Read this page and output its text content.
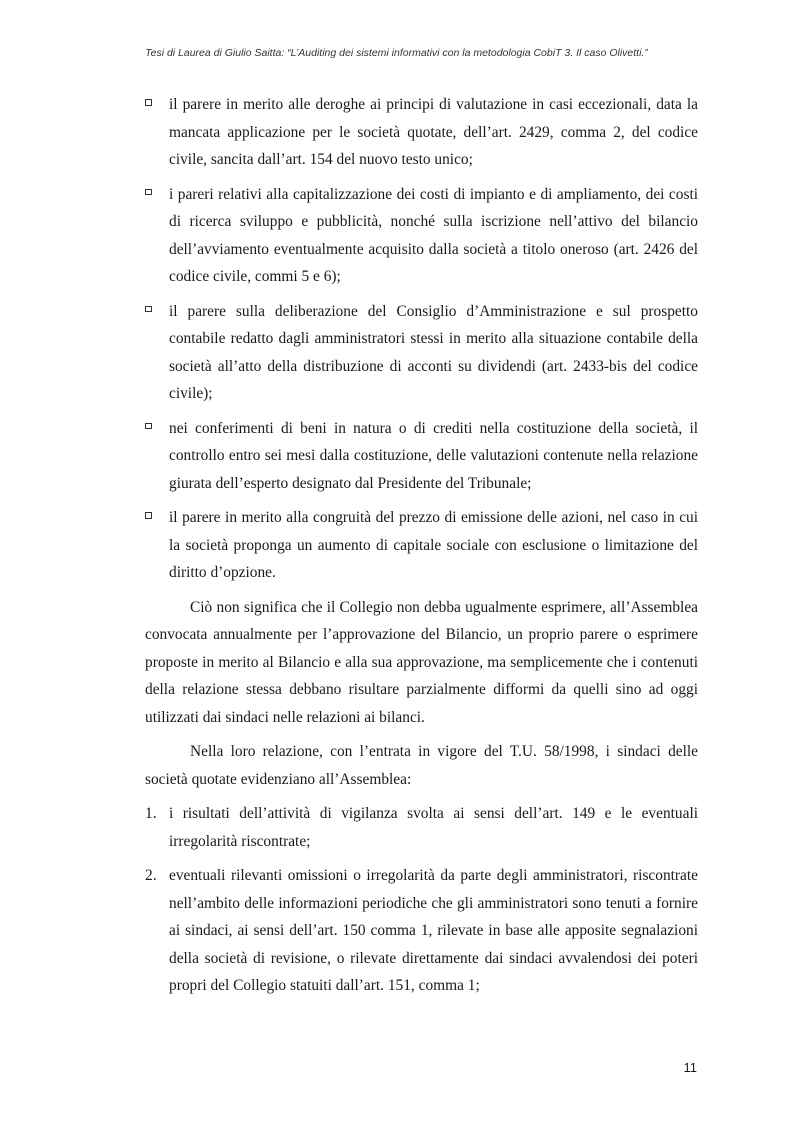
Tesi di Laurea di Giulio Saitta: “L’Auditing dei sistemi informativi con la metodologia CobiT 3. Il caso Olivetti.”
il parere in merito alle deroghe ai principi di valutazione in casi eccezionali, data la mancata applicazione per le società quotate, dell’art. 2429, comma 2, del codice civile, sancita dall’art. 154 del nuovo testo unico;
i pareri relativi alla capitalizzazione dei costi di impianto e di ampliamento, dei costi di ricerca sviluppo e pubblicità, nonché sulla iscrizione nell’attivo del bilancio dell’avviamento eventualmente acquisito dalla società a titolo oneroso (art. 2426 del codice civile, commi 5 e 6);
il parere sulla deliberazione del Consiglio d’Amministrazione e sul prospetto contabile redatto dagli amministratori stessi in merito alla situazione contabile della società all’atto della distribuzione di acconti su dividendi (art. 2433-bis del codice civile);
nei conferimenti di beni in natura o di crediti nella costituzione della società, il controllo entro sei mesi dalla costituzione, delle valutazioni contenute nella relazione giurata dell’esperto designato dal Presidente del Tribunale;
il parere in merito alla congruità del prezzo di emissione delle azioni, nel caso in cui la società proponga un aumento di capitale sociale con esclusione o limitazione del diritto d’opzione.

Ciò non significa che il Collegio non debba ugualmente esprimere, all’Assemblea convocata annualmente per l’approvazione del Bilancio, un proprio parere o esprimere proposte in merito al Bilancio e alla sua approvazione, ma semplicemente che i contenuti della relazione stessa debbano risultare parzialmente difformi da quelli sino ad oggi utilizzati dai sindaci nelle relazioni ai bilanci.

Nella loro relazione, con l’entrata in vigore del T.U. 58/1998, i sindaci delle società quotate evidenziano all’Assemblea:

1. i risultati dell’attività di vigilanza svolta ai sensi dell’art. 149 e le eventuali irregolarità riscontrate;
2. eventuali rilevanti omissioni o irregolarità da parte degli amministratori, riscontrate nell’ambito delle informazioni periodiche che gli amministratori sono tenuti a fornire ai sindaci, ai sensi dell’art. 150 comma 1, rilevate in base alle apposite segnalazioni della società di revisione, o rilevate direttamente dai sindaci avvalendosi dei poteri propri del Collegio statuiti dall’art. 151, comma 1;
11
